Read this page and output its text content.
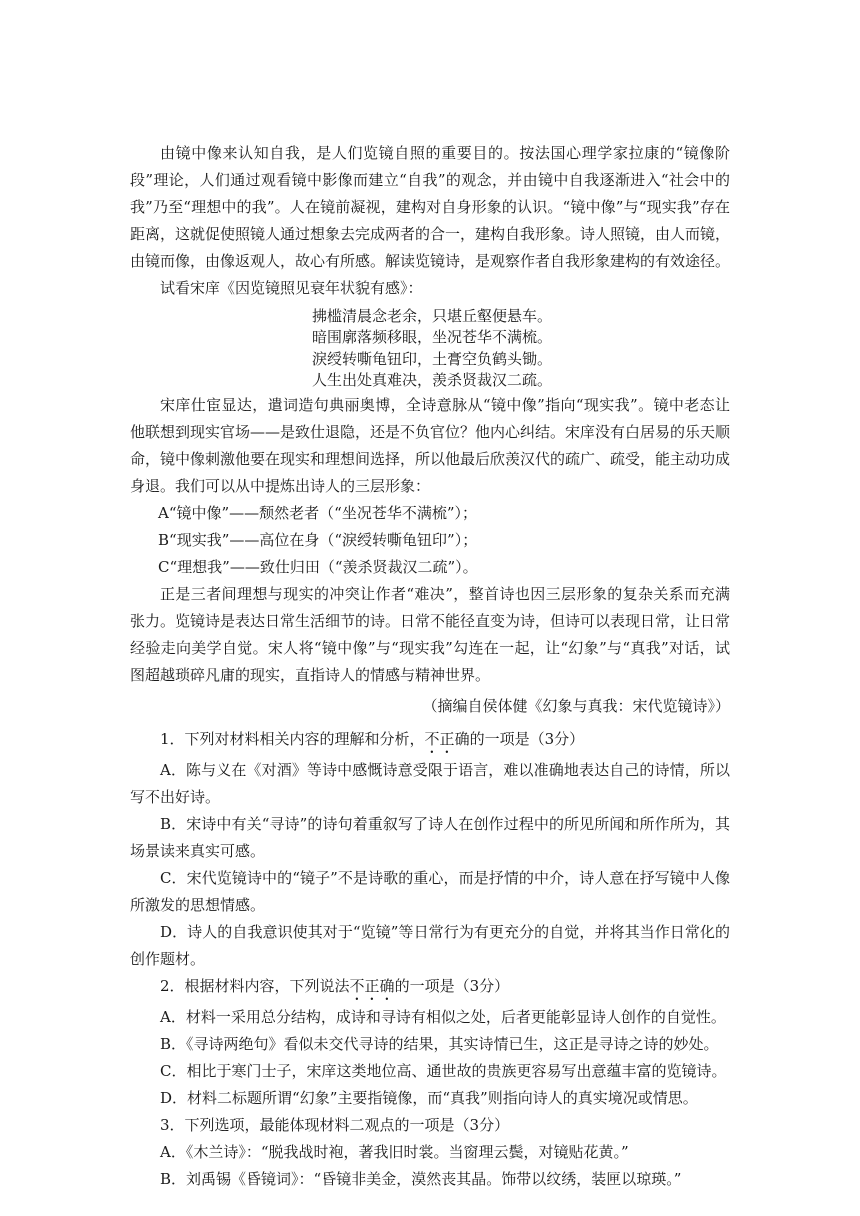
由镜中像来认知自我，是人们览镜自照的重要目的。按法国心理学家拉康的“镜像阶段”理论，人们通过观看镜中影像而建立“自我”的观念，并由镜中自我逐渐进入“社会中的我”乃至“理想中的我”。人在镜前凝视，建构对自身形象的认识。“镜中像”与“现实我”存在距离，这就促使照镜人通过想象去完成两者的合一，建构自我形象。诗人照镜，由人而镜，由镜而像，由像返观人，故心有所感。解读览镜诗，是观察作者自我形象建构的有效途径。

试看宋庠《因览镜照见衰年状貌有感》：

拂槛清晨念老余，只堪丘壑便悬车。
暗围廓落频移眼，坐况苍华不满梳。
淚绶转嘶龟钮印，土膏空负鹤头锄。
人生出处真难决，羡杀贤裁汉二疏。

宋庠仕宦显达，遣词造句典丽奥博，全诗意脉从“镜中像”指向“现实我”。镜中老态让他联想到现实官场——是致仕退隐，还是不负官位？他内心纠结。宋庠没有白居易的乐天顺命，镜中像刺激他要在现实和理想间选择，所以他最后欣羡汉代的疏广、疏受，能主动功成身退。我们可以从中提炼出诗人的三层形象：

A“镜中像”——颓然老者（“坐况苍华不满梳”）；
B“现实我”——高位在身（“淚绶转嘶龟钮印”）；
C“理想我”——致仕归田（“羡杀贤裁汉二疏”）。

正是三者间理想与现实的冲突让作者“难决”，整首诗也因三层形象的复杂关系而充满张力。览镜诗是表达日常生活细节的诗。日常不能径直变为诗，但诗可以表现日常，让日常经验走向美学自觉。宋人将“镜中像”与“现实我”勾连在一起，让“幻象”与“真我”对话，试图超越琐碎凡庸的现实，直指诗人的情感与精神世界。

（摘编自侯体健《幻象与真我：宋代览镜诗》）

1．下列对材料相关内容的理解和分析，不正确的一项是（3分）

A．陈与义在《对酒》等诗中感慨诗意受限于语言，难以准确地表达自己的诗情，所以写不出好诗。

B．宋诗中有关“寻诗”的诗句着重叙写了诗人在创作过程中的所见所闻和所作所为，其场景读来真实可感。

C．宋代览镜诗中的“镜子”不是诗歌的重心，而是抒情的中介，诗人意在抒写镜中人像所激发的思想情感。

D．诗人的自我意识使其对于“览镜”等日常行为有更充分的自觉，并将其当作日常化的创作题材。

2．根据材料内容，下列说法不正确的一项是（3分）

A．材料一采用总分结构，成诗和寻诗有相似之处，后者更能彰显诗人创作的自觉性。

B．《寻诗两绝句》看似未交代寻诗的结果，其实诗情已生，这正是寻诗之诗的妙处。

C．相比于寒门士子，宋庠这类地位高、通世故的贵族更容易写出意蕴丰富的览镜诗。

D．材料二标题所谓“幻象”主要指镜像，而“真我”则指向诗人的真实境况或情思。

3．下列选项，最能体现材料二观点的一项是（3分）

A．《木兰诗》：“脱我战时袍，著我旧时裳。当窗理云鬓，对镜贴花黄。”

B．刘禹锡《昏镜词》：“昏镜非美金，漠然丧其晶。饰带以纹绣，装匣以琼瑛。”
